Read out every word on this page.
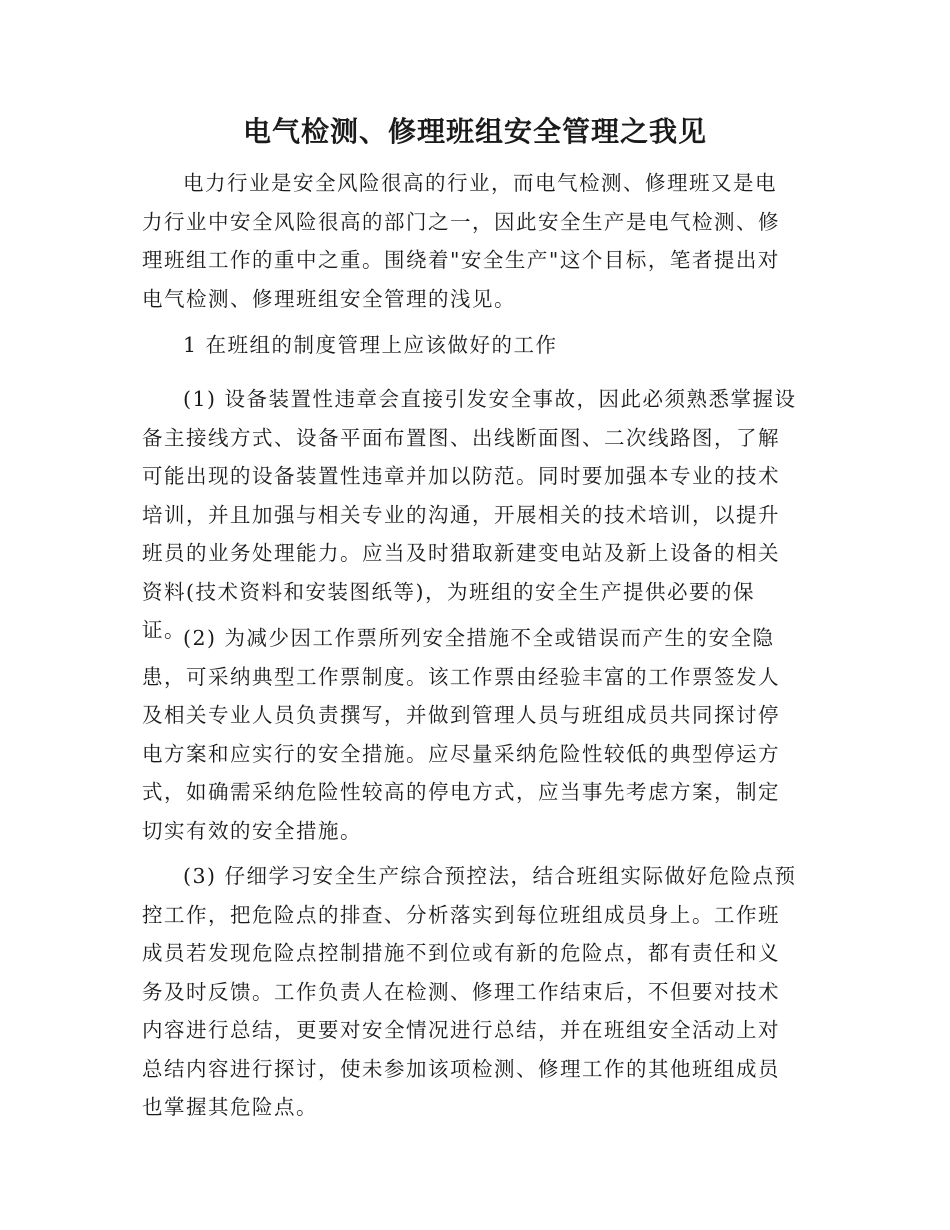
电气检测、修理班组安全管理之我见

电力行业是安全风险很高的行业，而电气检测、修理班又是电力行业中安全风险很高的部门之一，因此安全生产是电气检测、修理班组工作的重中之重。围绕着"安全生产"这个目标，笔者提出对电气检测、修理班组安全管理的浅见。

1 在班组的制度管理上应该做好的工作

(1) 设备装置性违章会直接引发安全事故，因此必须熟悉掌握设备主接线方式、设备平面布置图、出线断面图、二次线路图，了解可能出现的设备装置性违章并加以防范。同时要加强本专业的技术培训，并且加强与相关专业的沟通，开展相关的技术培训，以提升班员的业务处理能力。应当及时猎取新建变电站及新上设备的相关资料(技术资料和安装图纸等)，为班组的安全生产提供必要的保证。

(2) 为减少因工作票所列安全措施不全或错误而产生的安全隐患，可采纳典型工作票制度。该工作票由经验丰富的工作票签发人及相关专业人员负责撰写，并做到管理人员与班组成员共同探讨停电方案和应实行的安全措施。应尽量采纳危险性较低的典型停运方式，如确需采纳危险性较高的停电方式，应当事先考虑方案，制定切实有效的安全措施。

(3) 仔细学习安全生产综合预控法，结合班组实际做好危险点预控工作，把危险点的排查、分析落实到每位班组成员身上。工作班成员若发现危险点控制措施不到位或有新的危险点，都有责任和义务及时反馈。工作负责人在检测、修理工作结束后，不但要对技术内容进行总结，更要对安全情况进行总结，并在班组安全活动上对总结内容进行探讨，使未参加该项检测、修理工作的其他班组成员也掌握其危险点。
